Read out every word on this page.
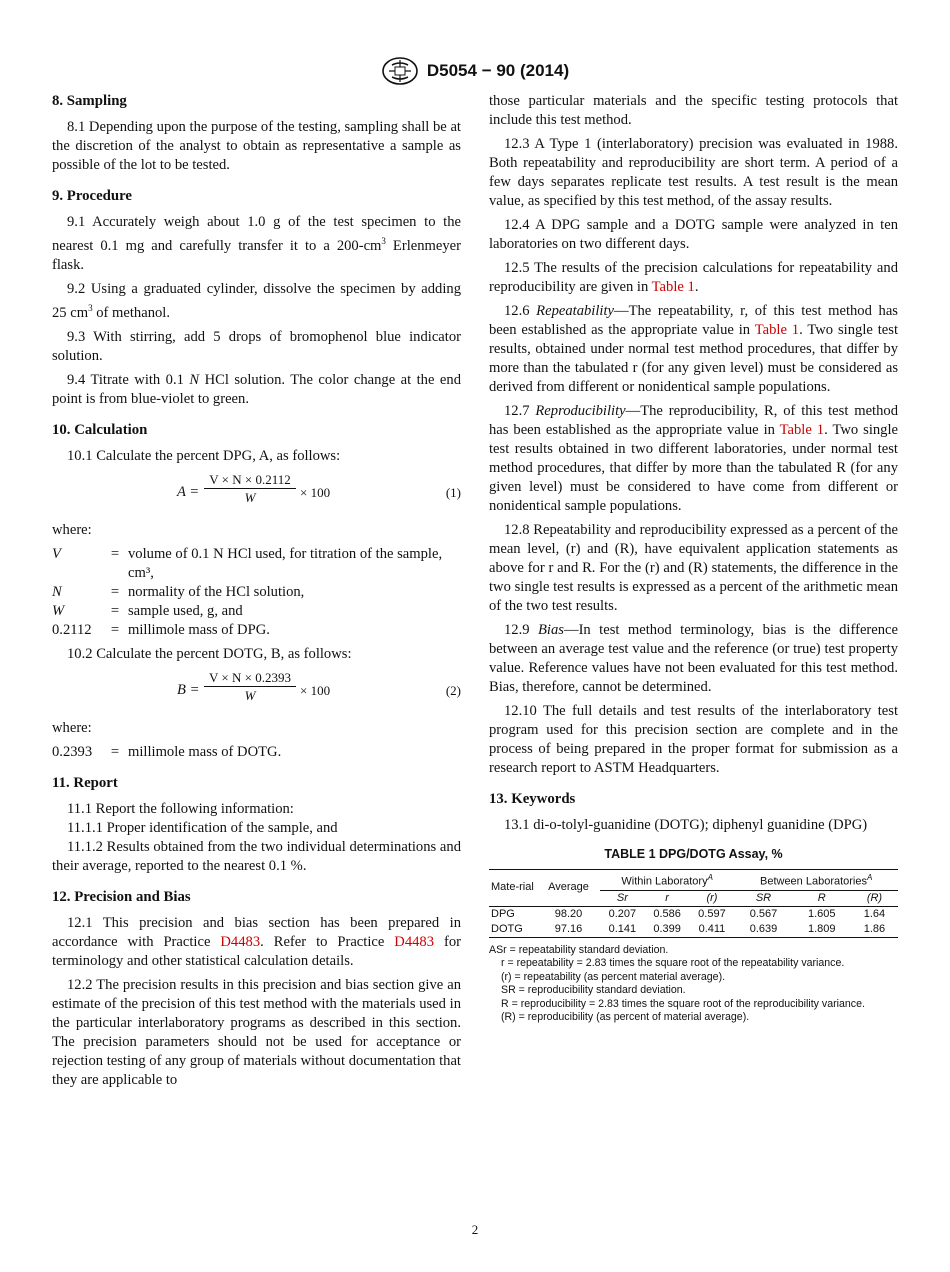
D5054 − 90 (2014)
8. Sampling

8.1 Depending upon the purpose of the testing, sampling shall be at the discretion of the analyst to obtain as representative a sample as possible of the lot to be tested.

9. Procedure

9.1 Accurately weigh about 1.0 g of the test specimen to the nearest 0.1 mg and carefully transfer it to a $200-cm^3$ Erlenmeyer flask.

9.2 Using a graduated cylinder, dissolve the specimen by adding 25 $cm^3$ of methanol.

9.3 With stirring, add 5 drops of bromophenol blue indicator solution.

9.4 Titrate with 0.1 N HCl solution. The color change at the end point is from blue-violet to green.

10. Calculation

10.1 Calculate the percent DPG, A, as follows:

$A = \frac{V \times N \times 0.2112}{W} \times 100$	(1)

where:

V	= volume of 0.1 N HCl used, for titration of the sample, cm³,
N	= normality of the HCl solution,
W	= sample used, g, and
0.2112	= millimole mass of DPG.

10.2 Calculate the percent DOTG, B, as follows:

$B = \frac{V \times N \times 0.2393}{W} \times 100$	(2)

where:

0.2393	= millimole mass of DOTG.
11. Report

11.1 Report the following information:

11.1.1 Proper identification of the sample, and

11.1.2 Results obtained from the two individual determinations and their average, reported to the nearest 0.1 %.

12. Precision and Bias

12.1 This precision and bias section has been prepared in accordance with Practice D4483. Refer to Practice D4483 for terminology and other statistical calculation details.

12.2 The precision results in this precision and bias section give an estimate of the precision of this test method with the materials used in the particular interlaboratory programs as described in this section. The precision parameters should not be used for acceptance or rejection testing of any group of materials without documentation that they are applicable to

those particular materials and the specific testing protocols that include this test method.

12.3 A Type 1 (interlaboratory) precision was evaluated in 1988. Both repeatability and reproducibility are short term. A period of a few days separates replicate test results. A test result is the mean value, as specified by this test method, of the assay results.

12.4 A DPG sample and a DOTG sample were analyzed in ten laboratories on two different days.

12.5 The results of the precision calculations for repeatability and reproducibility are given in Table 1.

12.6 Repeatability—The repeatability, r, of this test method has been established as the appropriate value in Table 1. Two single test results, obtained under normal test method procedures, that differ by more than the tabulated r (for any given level) must be considered as derived from different or nonidentical sample populations.

12.7 Reproducibility—The reproducibility, R, of this test method has been established as the appropriate value in Table 1. Two single test results obtained in two different laboratories, under normal test method procedures, that differ by more than the tabulated R (for any given level) must be considered to have come from different or nonidentical sample populations.

12.8 Repeatability and reproducibility expressed as a percent of the mean level, (r) and (R), have equivalent application statements as above for r and R. For the (r) and (R) statements, the difference in the two single test results is expressed as a percent of the arithmetic mean of the two test results.

12.9 Bias—In test method terminology, bias is the difference between an average test value and the reference (or true) test property value. Reference values have not been evaluated for this test method. Bias, therefore, cannot be determined.

12.10 The full details and test results of the interlaboratory test program used for this precision section are complete and in the process of being prepared in the proper format for submission as a research report to ASTM Headquarters.

13. Keywords

13.1 di-o-tolyl-guanidine (DOTG); diphenyl guanidine (DPG)

TABLE 1 DPG/DOTG Assay, %
Mate-rial	Average	Within Laboratory$^A$			Between Laboratories$^A$
		Sr	r	(r)	SR	R	(R)
DPG	98.20	0.207	0.586	0.597	0.567	1.605	1.64
DOTG	97.16	0.141	0.399	0.411	0.639	1.809	1.86
ASr = repeatability standard deviation.
r = repeatability = 2.83 times the square root of the repeatability variance.
(r) = repeatability (as percent material average).
SR = reproducibility standard deviation.
R = reproducibility = 2.83 times the square root of the reproducibility variance.
(R) = reproducibility (as percent of material average).
2
